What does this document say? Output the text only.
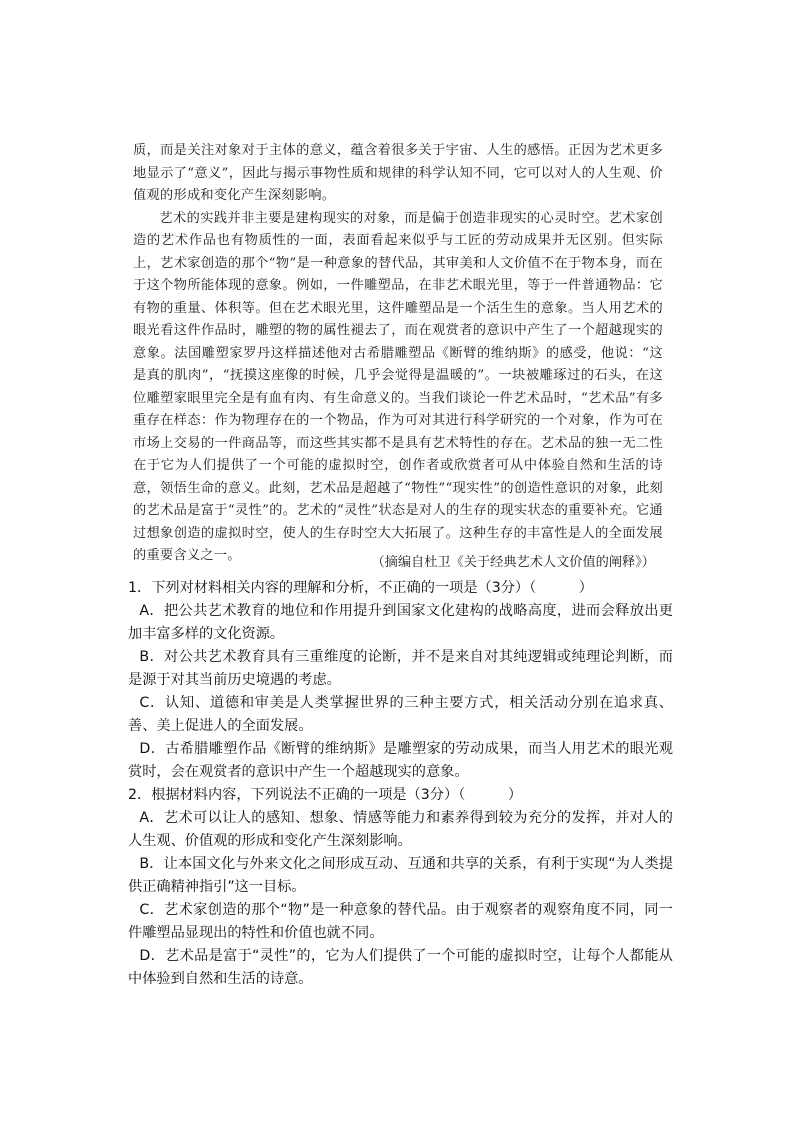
质，而是关注对象对于主体的意义，蕴含着很多关于宇宙、人生的感悟。正因为艺术更多地显示了“意义”，因此与揭示事物性质和规律的科学认知不同，它可以对人的人生观、价值观的形成和变化产生深刻影响。

艺术的实践并非主要是建构现实的对象，而是偏于创造非现实的心灵时空。艺术家创造的艺术作品也有物质性的一面，表面看起来似乎与工匠的劳动成果并无区别。但实际上，艺术家创造的那个“物”是一种意象的替代品，其审美和人文价值不在于物本身，而在于这个物所能体现的意象。例如，一件雕塑品，在非艺术眼光里，等于一件普通物品：它有物的重量、体积等。但在艺术眼光里，这件雕塑品是一个活生生的意象。当人用艺术的眼光看这件作品时，雕塑的物的属性褪去了，而在观赏者的意识中产生了一个超越现实的意象。法国雕塑家罗丹这样描述他对古希腊雕塑品《断臂的维纳斯》的感受，他说：“这是真的肌肉”，“抚摸这座像的时候，几乎会觉得是温暖的”。一块被雕琢过的石头，在这位雕塑家眼里完全是有血有肉、有生命意义的。当我们谈论一件艺术品时，“艺术品”有多重存在样态：作为物理存在的一个物品，作为可对其进行科学研究的一个对象，作为可在市场上交易的一件商品等，而这些其实都不是具有艺术特性的存在。艺术品的独一无二性在于它为人们提供了一个可能的虚拟时空，创作者或欣赏者可从中体验自然和生活的诗意，领悟生命的意义。此刻，艺术品是超越了“物性”“现实性”的创造性意识的对象，此刻的艺术品是富于“灵性”的。艺术的“灵性”状态是对人的生存的现实状态的重要补充。它通过想象创造的虚拟时空，使人的生存时空大大拓展了。这种生存的丰富性是人的全面发展的重要含义之一。	（摘编自杜卫《关于经典艺术人文价值的阐释》）

1．下列对材料相关内容的理解和分析，不正确的一项是（3分）（　　　）

A．把公共艺术教育的地位和作用提升到国家文化建构的战略高度，进而会释放出更加丰富多样的文化资源。

B．对公共艺术教育具有三重维度的论断，并不是来自对其纯逻辑或纯理论判断，而是源于对其当前历史境遇的考虑。

C．认知、道德和审美是人类掌握世界的三种主要方式，相关活动分别在追求真、善、美上促进人的全面发展。

D．古希腊雕塑作品《断臂的维纳斯》是雕塑家的劳动成果，而当人用艺术的眼光观赏时，会在观赏者的意识中产生一个超越现实的意象。

2．根据材料内容，下列说法不正确的一项是（3分）（　　　）

A．艺术可以让人的感知、想象、情感等能力和素养得到较为充分的发挥，并对人的人生观、价值观的形成和变化产生深刻影响。

B．让本国文化与外来文化之间形成互动、互通和共享的关系，有利于实现“为人类提供正确精神指引”这一目标。

C．艺术家创造的那个“物”是一种意象的替代品。由于观察者的观察角度不同，同一件雕塑品显现出的特性和价值也就不同。

D．艺术品是富于“灵性”的，它为人们提供了一个可能的虚拟时空，让每个人都能从中体验到自然和生活的诗意。
